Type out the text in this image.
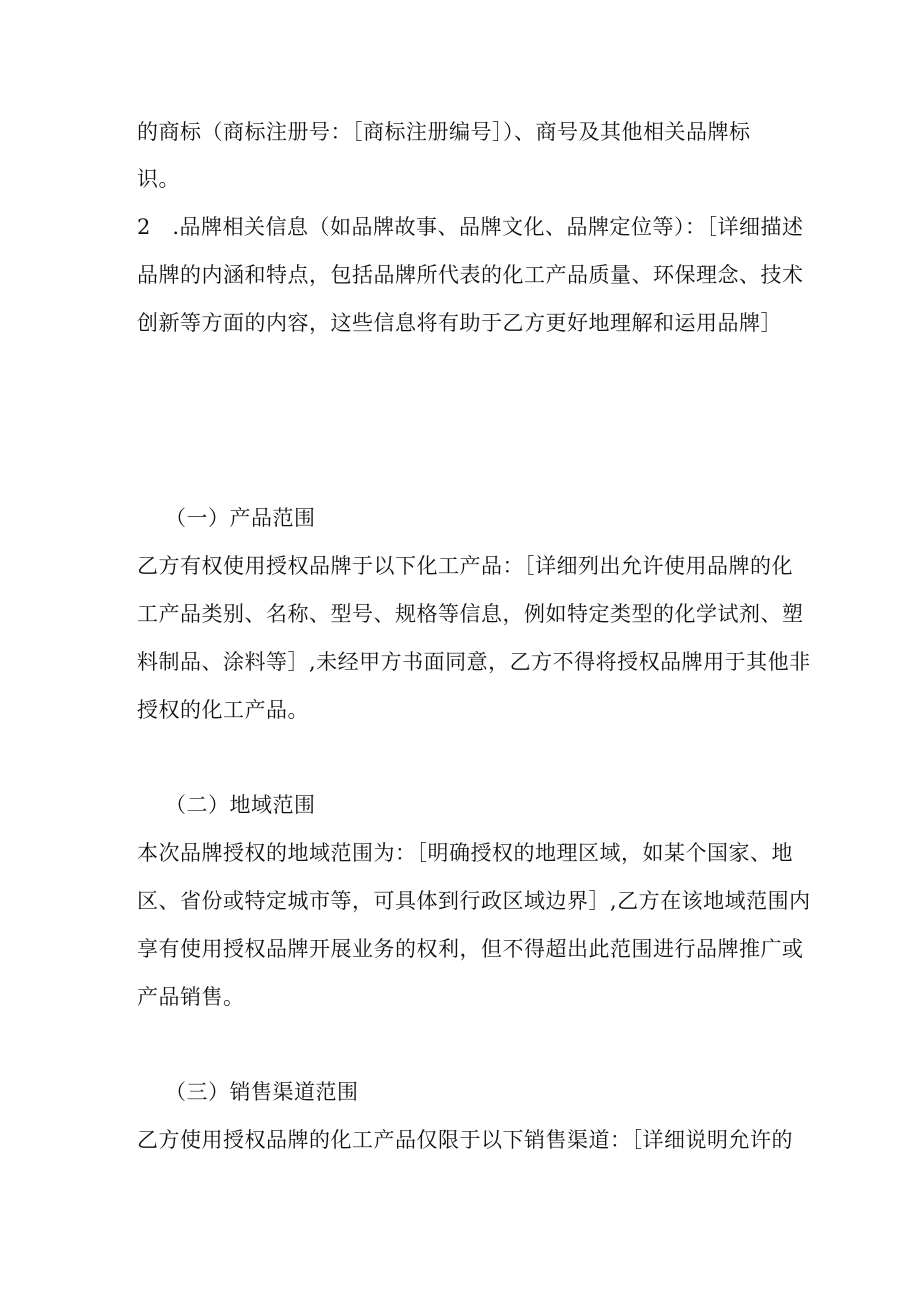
的商标（商标注册号：［商标注册编号］）、商号及其他相关品牌标
识。
2　.品牌相关信息（如品牌故事、品牌文化、品牌定位等）：［详细描述
品牌的内涵和特点，包括品牌所代表的化工产品质量、环保理念、技术
创新等方面的内容，这些信息将有助于乙方更好地理解和运用品牌］
（一）产品范围
乙方有权使用授权品牌于以下化工产品：［详细列出允许使用品牌的化
工产品类别、名称、型号、规格等信息，例如特定类型的化学试剂、塑
料制品、涂料等］,未经甲方书面同意，乙方不得将授权品牌用于其他非
授权的化工产品。
（二）地域范围
本次品牌授权的地域范围为：［明确授权的地理区域，如某个国家、地
区、省份或特定城市等，可具体到行政区域边界］,乙方在该地域范围内
享有使用授权品牌开展业务的权利，但不得超出此范围进行品牌推广或
产品销售。
（三）销售渠道范围
乙方使用授权品牌的化工产品仅限于以下销售渠道：［详细说明允许的
